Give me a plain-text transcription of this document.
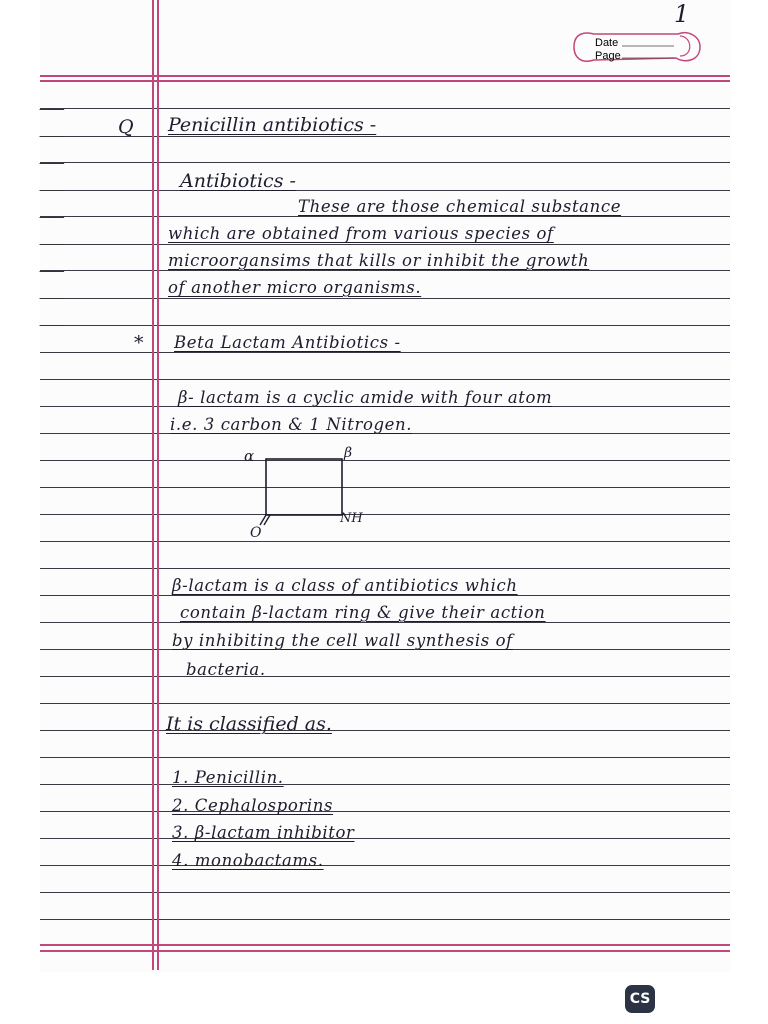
1
Date
Page
Q Penicillin antibiotics -
Antibiotics -
These are those chemical substance
which are obtained from various species of
microorgansims that kills or inhibit the growth
of another micro organisms.
* Beta Lactam Antibiotics -
β- lactam is a cyclic amide with four atom
i.e. 3 carbon & 1 Nitrogen.
α	β
O
NH
β-lactam is a class of antibiotics which
contain β-lactam ring & give their action
by inhibiting the cell wall synthesis of
bacteria.
It is classified as.
1. Penicillin.
2. Cephalosporins
3. β-lactam inhibitor
4. monobactams.
CS
